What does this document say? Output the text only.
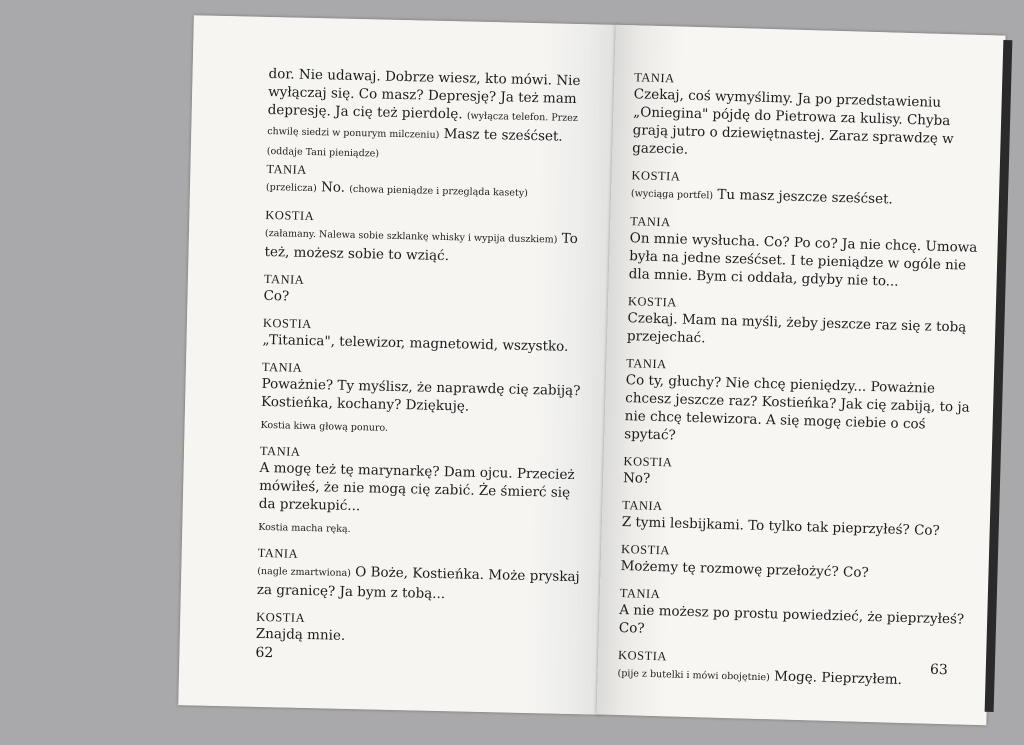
dor. Nie udawaj. Dobrze wiesz, kto mówi. Nie wyłączaj się. Co masz? Depresję? Ja też mam depresję. Ja cię też pierdolę. (wyłącza telefon. Przez chwilę siedzi w ponurym milczeniu) Masz te sześćset. (oddaje Tani pieniądze)

TANIA

(przelicza) No. (chowa pieniądze i przegląda kasety)

KOSTIA

(załamany. Nalewa sobie szklankę whisky i wypija duszkiem) To też, możesz sobie to wziąć.

TANIA

Co?

KOSTIA

„Titanica", telewizor, magnetowid, wszystko.

TANIA

Poważnie? Ty myślisz, że naprawdę cię zabiją? Kostieńka, kochany? Dziękuję.

Kostia kiwa głową ponuro.

TANIA

A mogę też tę marynarkę? Dam ojcu. Przecież mówiłeś, że nie mogą cię zabić. Że śmierć się da przekupić...

Kostia macha ręką.

TANIA

(nagle zmartwiona) O Boże, Kostieńka. Może pryskaj za granicę? Ja bym z tobą...

KOSTIA

Znajdą mnie.

62

TANIA

Czekaj, coś wymyślimy. Ja po przedstawieniu „Oniegina" pójdę do Pietrowa za kulisy. Chyba grają jutro o dziewiętnastej. Zaraz sprawdzę w gazecie.

KOSTIA

(wyciąga portfel) Tu masz jeszcze sześćset.

TANIA

On mnie wysłucha. Co? Po co? Ja nie chcę. Umowa była na jedne sześćset. I te pieniądze w ogóle nie dla mnie. Bym ci oddała, gdyby nie to...

KOSTIA

Czekaj. Mam na myśli, żeby jeszcze raz się z tobą przejechać.

TANIA

Co ty, głuchy? Nie chcę pieniędzy... Poważnie chcesz jeszcze raz? Kostieńka? Jak cię zabiją, to ja nie chcę telewizora. A się mogę ciebie o coś spytać?

KOSTIA

No?

TANIA

Z tymi lesbijkami. To tylko tak pieprzyłeś? Co?

KOSTIA

Możemy tę rozmowę przełożyć? Co?

TANIA

A nie możesz po prostu powiedzieć, że pieprzyłeś? Co?

KOSTIA

(pije z butelki i mówi obojętnie) Mogę. Pieprzyłem.	63
